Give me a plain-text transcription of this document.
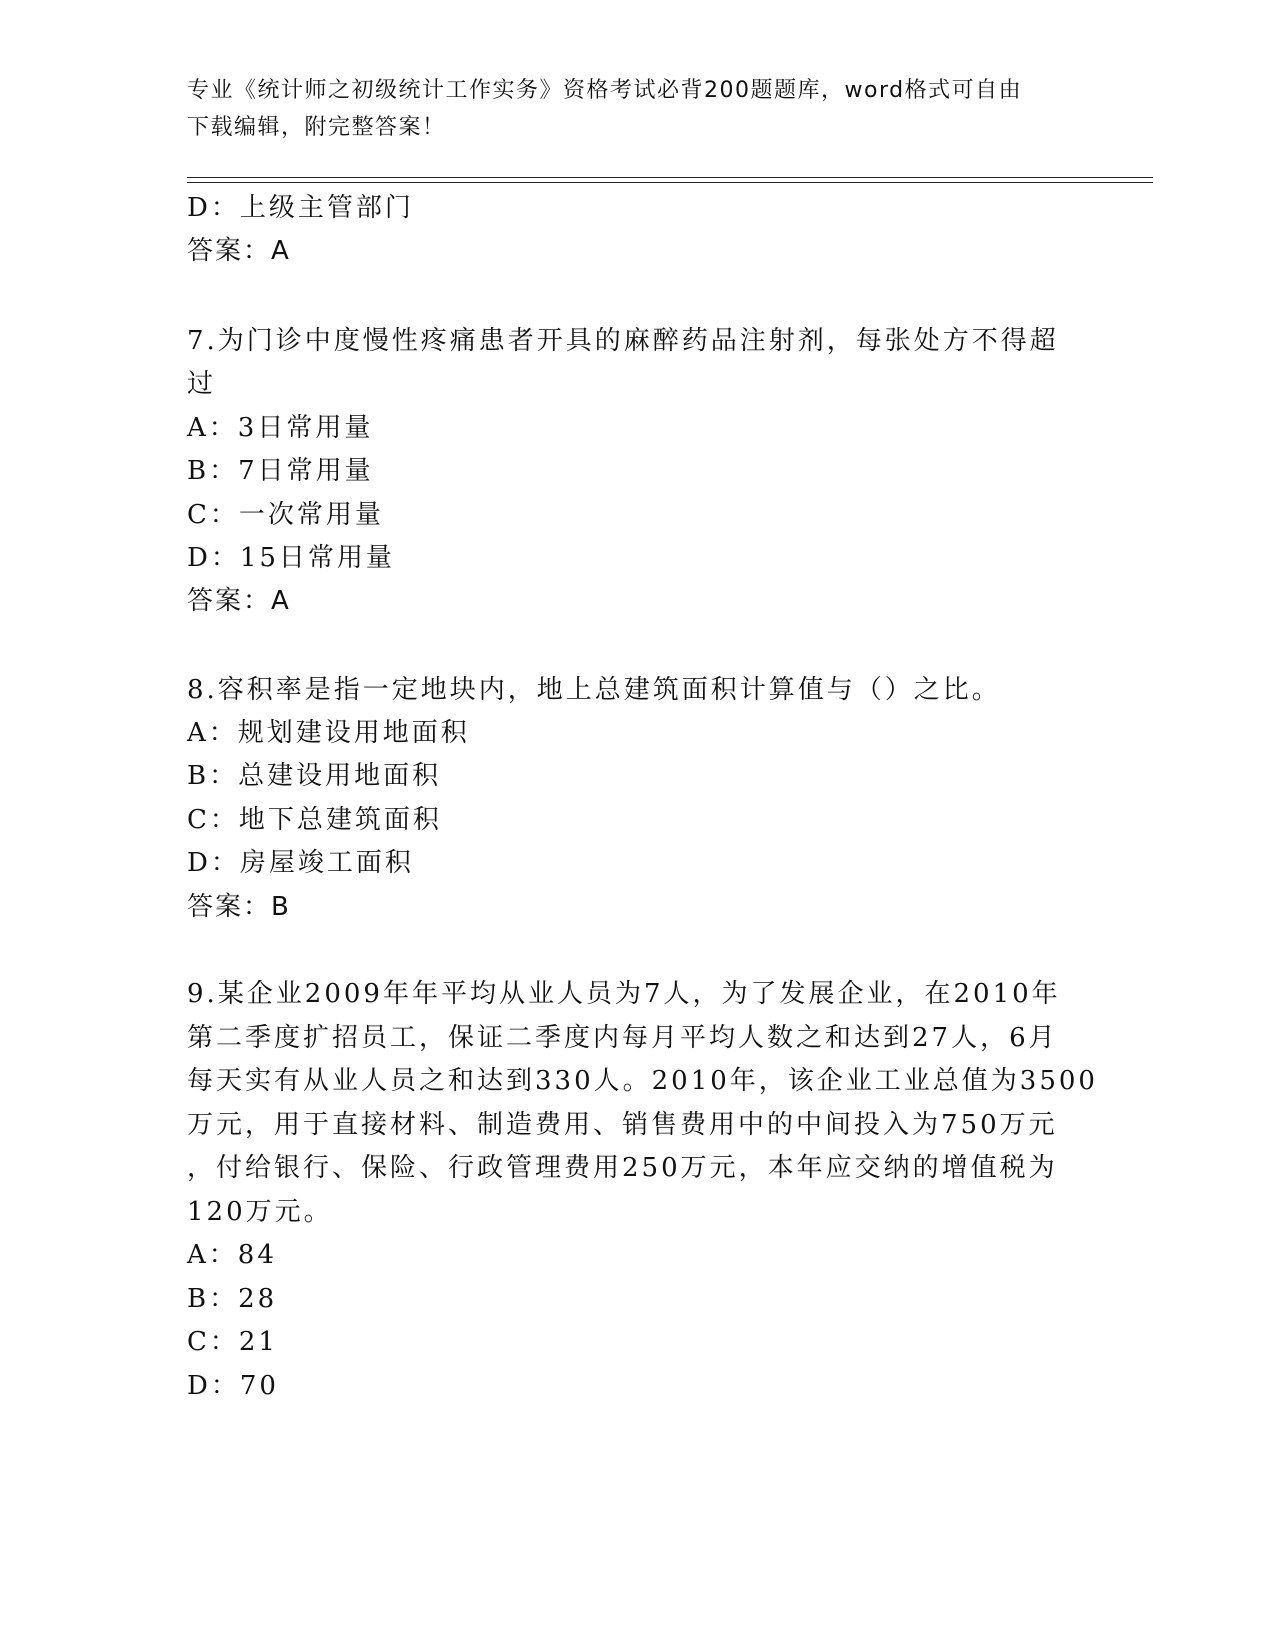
专业《统计师之初级统计工作实务》资格考试必背200题题库，word格式可自由
下载编辑，附完整答案！
D：上级主管部门
答案：A
7.为门诊中度慢性疼痛患者开具的麻醉药品注射剂，每张处方不得超
过
A：3日常用量
B：7日常用量
C：一次常用量
D：15日常用量
答案：A
8.容积率是指一定地块内，地上总建筑面积计算值与（）之比。
A：规划建设用地面积
B：总建设用地面积
C：地下总建筑面积
D：房屋竣工面积
答案：B
9.某企业2009年年平均从业人员为7人，为了发展企业，在2010年
第二季度扩招员工，保证二季度内每月平均人数之和达到27人，6月
每天实有从业人员之和达到330人。2010年，该企业工业总值为3500
万元，用于直接材料、制造费用、销售费用中的中间投入为750万元
，付给银行、保险、行政管理费用250万元，本年应交纳的增值税为
120万元。
A：84
B：28
C：21
D：70
